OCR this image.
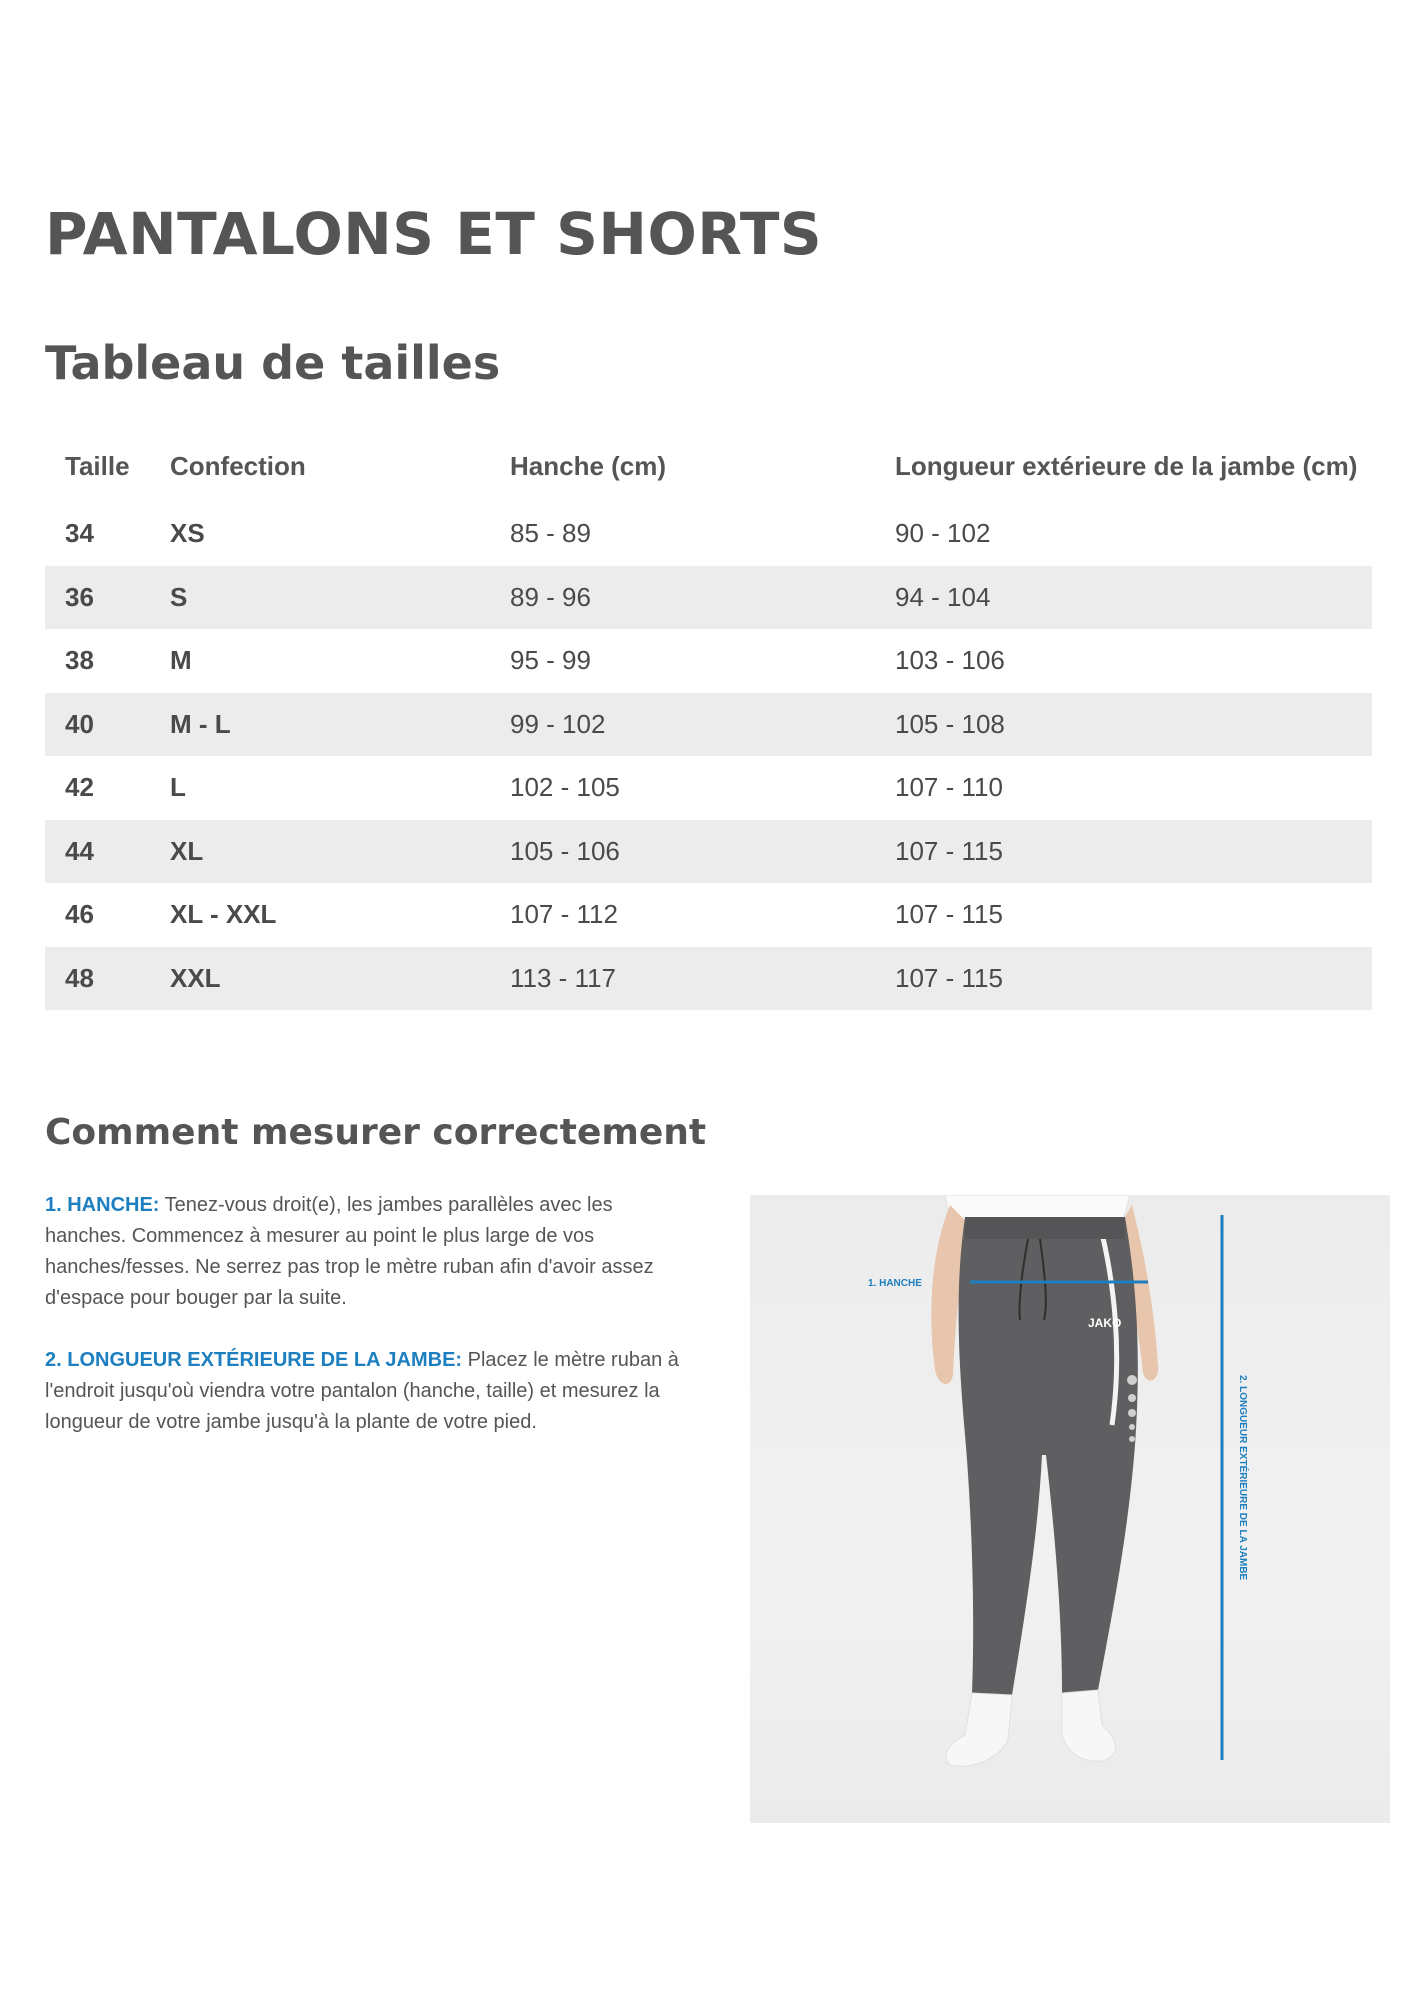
PANTALONS ET SHORTS
Tableau de tailles
Taille	Confection	Hanche (cm)	Longueur extérieure de la jambe (cm)
34	XS	85 - 89	90 - 102
36	S	89 - 96	94 - 104
38	M	95 - 99	103 - 106
40	M - L	99 - 102	105 - 108
42	L	102 - 105	107 - 110
44	XL	105 - 106	107 - 115
46	XL - XXL	107 - 112	107 - 115
48	XXL	113 - 117	107 - 115
Comment mesurer correctement

1. HANCHE: Tenez-vous droit(e), les jambes parallèles avec les hanches. Commencez à mesurer au point le plus large de vos hanches/fesses. Ne serrez pas trop le mètre ruban afin d'avoir assez d'espace pour bouger par la suite.

2. LONGUEUR EXTÉRIEURE DE LA JAMBE: Placez le mètre ruban à l'endroit jusqu'où viendra votre pantalon (hanche, taille) et mesurez la longueur de votre jambe jusqu'à la plante de votre pied.

JAKO
1. HANCHE
2. LONGUEUR EXTÉRIEURE DE LA JAMBE
